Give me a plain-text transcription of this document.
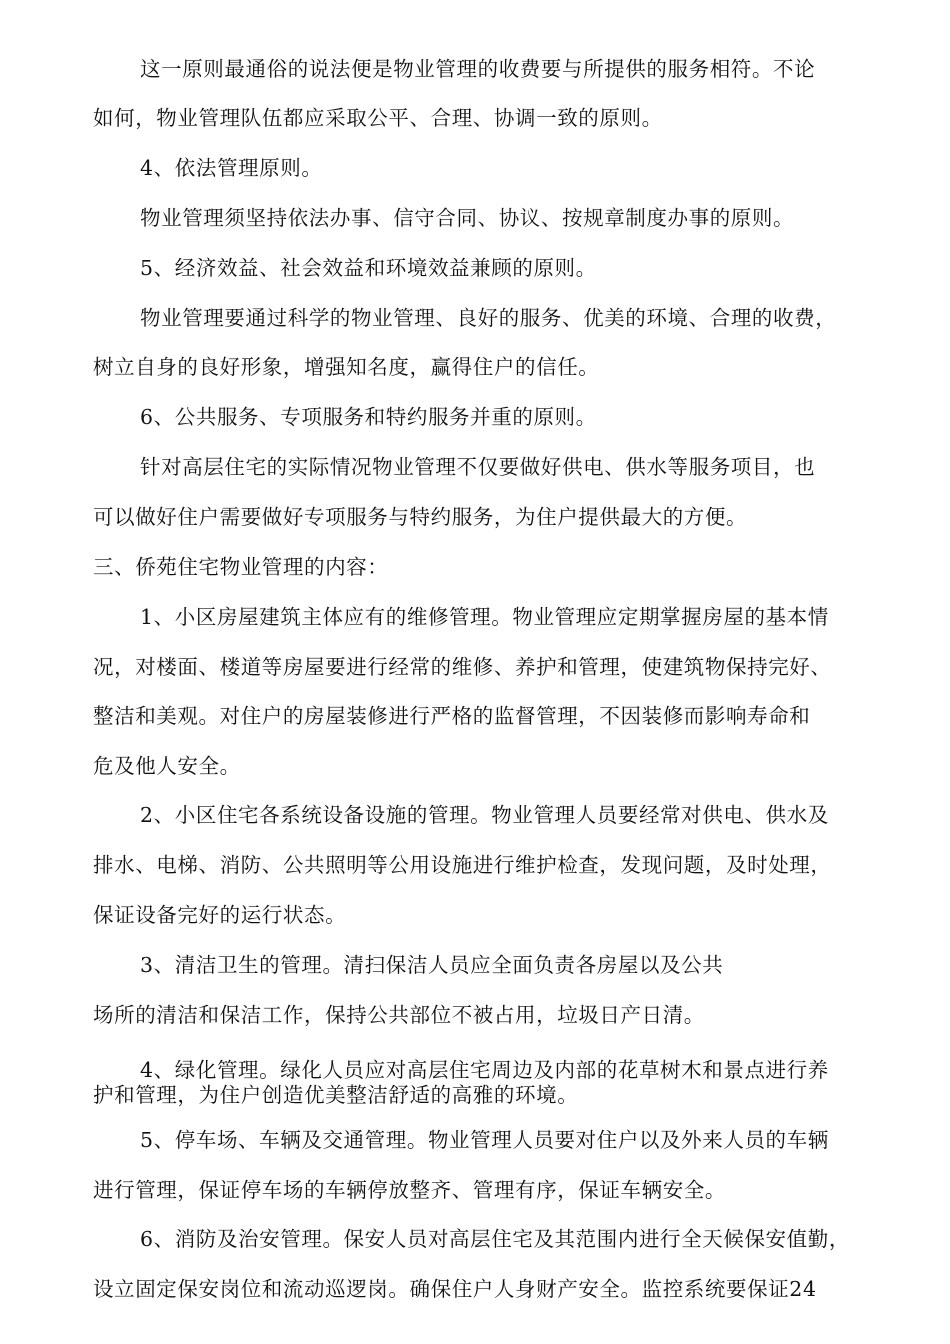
这一原则最通俗的说法便是物业管理的收费要与所提供的服务相符。不论
如何，物业管理队伍都应采取公平、合理、协调一致的原则。
4、依法管理原则。
物业管理须坚持依法办事、信守合同、协议、按规章制度办事的原则。
5、经济效益、社会效益和环境效益兼顾的原则。
物业管理要通过科学的物业管理、良好的服务、优美的环境、合理的收费，
树立自身的良好形象，增强知名度，赢得住户的信任。
6、公共服务、专项服务和特约服务并重的原则。
针对高层住宅的实际情况物业管理不仅要做好供电、供水等服务项目，也
可以做好住户需要做好专项服务与特约服务，为住户提供最大的方便。
三、侨苑住宅物业管理的内容：
1、小区房屋建筑主体应有的维修管理。物业管理应定期掌握房屋的基本情
况，对楼面、楼道等房屋要进行经常的维修、养护和管理，使建筑物保持完好、
整洁和美观。对住户的房屋装修进行严格的监督管理，不因装修而影响寿命和
危及他人安全。
2、小区住宅各系统设备设施的管理。物业管理人员要经常对供电、供水及
排水、电梯、消防、公共照明等公用设施进行维护检查，发现问题，及时处理，
保证设备完好的运行状态。
3、清洁卫生的管理。清扫保洁人员应全面负责各房屋以及公共
场所的清洁和保洁工作，保持公共部位不被占用，垃圾日产日清。
4、绿化管理。绿化人员应对高层住宅周边及内部的花草树木和景点进行养
护和管理，为住户创造优美整洁舒适的高雅的环境。
5、停车场、车辆及交通管理。物业管理人员要对住户以及外来人员的车辆
进行管理，保证停车场的车辆停放整齐、管理有序，保证车辆安全。
6、消防及治安管理。保安人员对高层住宅及其范围内进行全天候保安值勤，
设立固定保安岗位和流动巡逻岗。确保住户人身财产安全。监控系统要保证24
